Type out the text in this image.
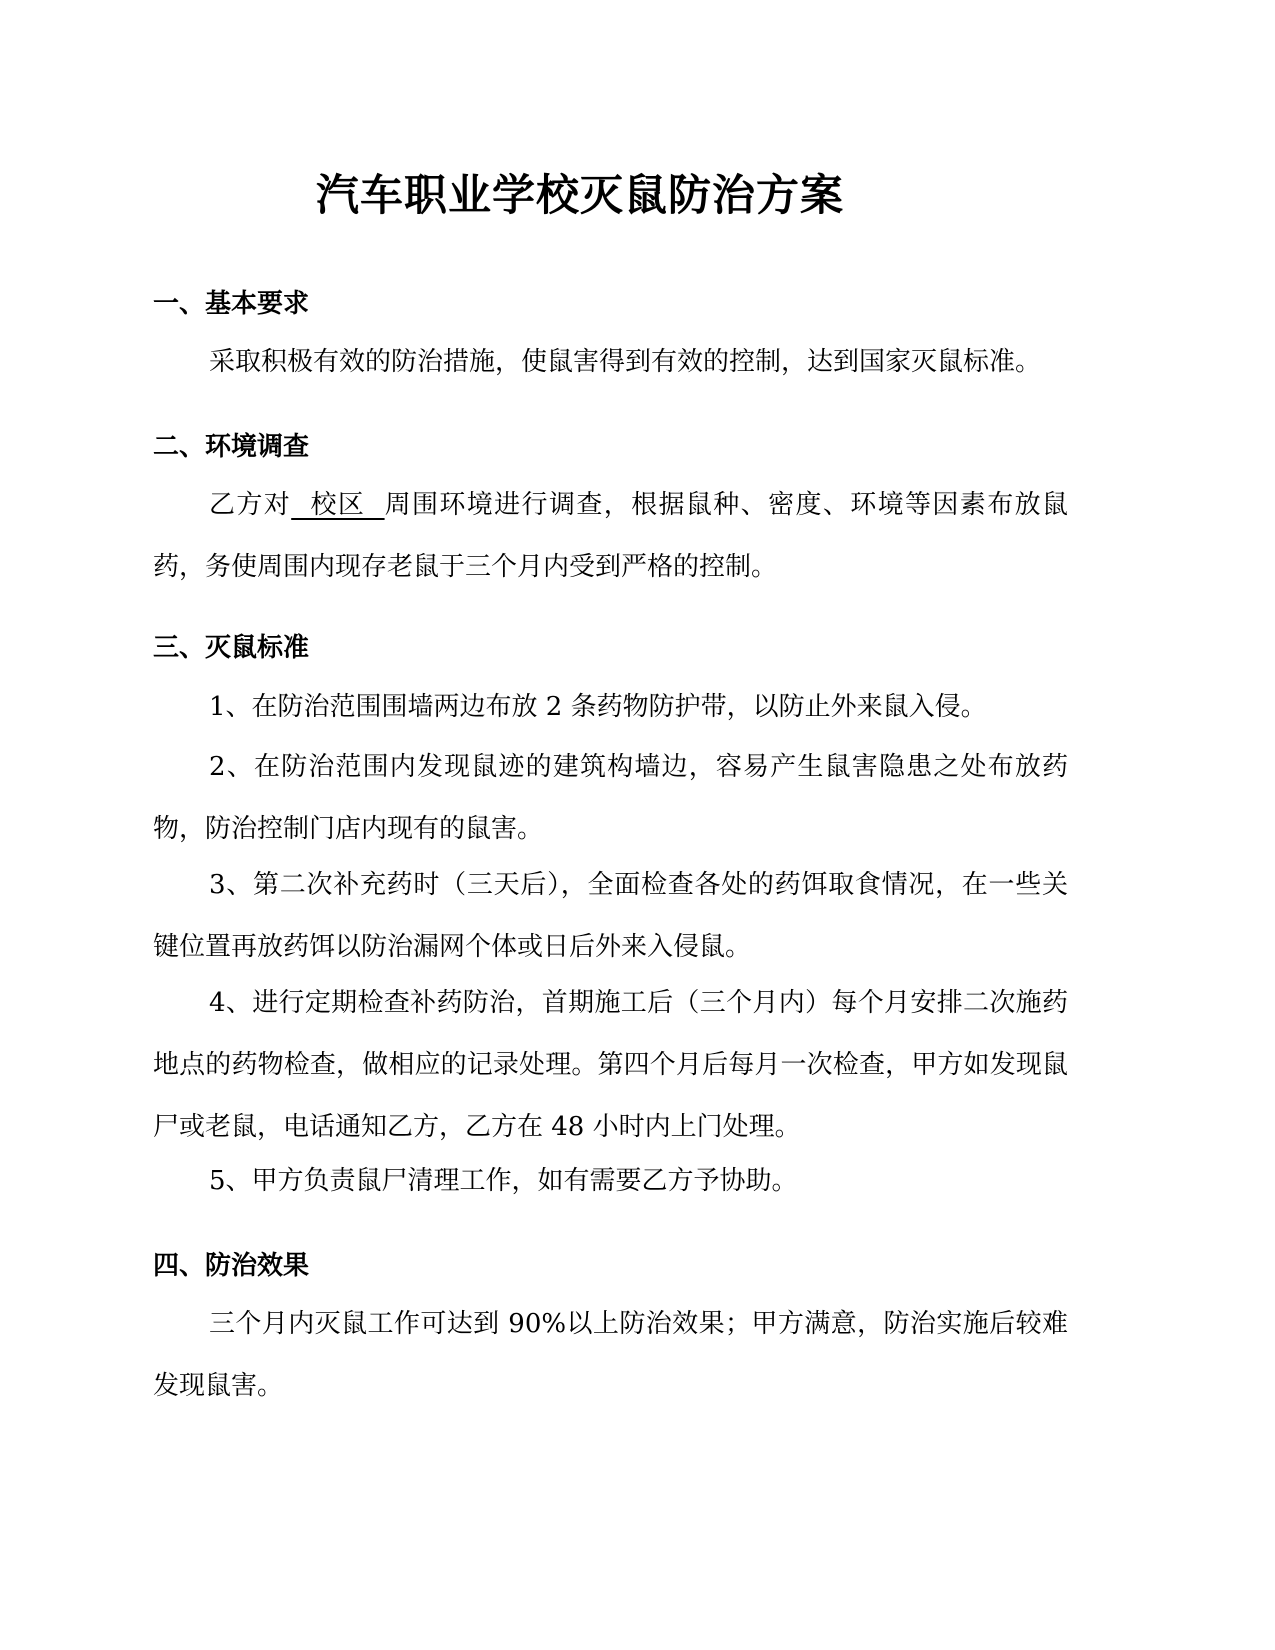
汽车职业学校灭鼠防治方案
一、基本要求
采取积极有效的防治措施，使鼠害得到有效的控制，达到国家灭鼠标准。
二、环境调查
乙方对  校区  周围环境进行调查，根据鼠种、密度、环境等因素布放鼠药，务使周围内现存老鼠于三个月内受到严格的控制。
三、灭鼠标准
1、在防治范围围墙两边布放 2 条药物防护带，以防止外来鼠入侵。
2、在防治范围内发现鼠迹的建筑构墙边，容易产生鼠害隐患之处布放药物，防治控制门店内现有的鼠害。
3、第二次补充药时（三天后），全面检查各处的药饵取食情况，在一些关键位置再放药饵以防治漏网个体或日后外来入侵鼠。
4、进行定期检查补药防治，首期施工后（三个月内）每个月安排二次施药地点的药物检查，做相应的记录处理。第四个月后每月一次检查，甲方如发现鼠尸或老鼠，电话通知乙方，乙方在 48 小时内上门处理。
5、甲方负责鼠尸清理工作，如有需要乙方予协助。
四、防治效果
三个月内灭鼠工作可达到 90%以上防治效果；甲方满意，防治实施后较难发现鼠害。
